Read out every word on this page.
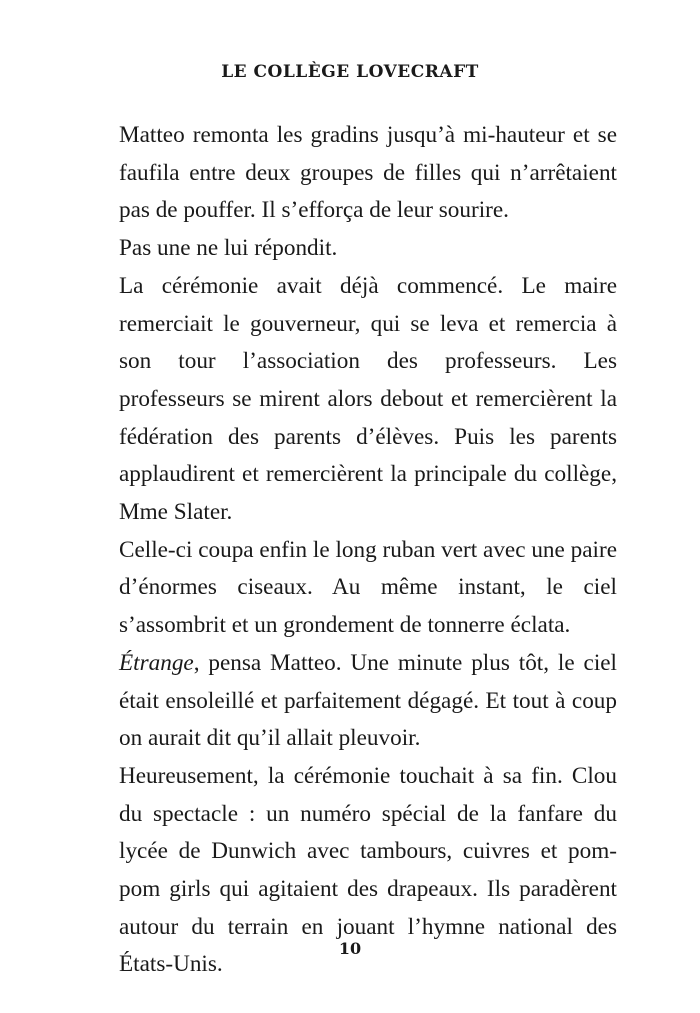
LE COLLÈGE LOVECRAFT

Matteo remonta les gradins jusqu’à mi-hauteur et se faufila entre deux groupes de filles qui n’arrêtaient pas de pouffer. Il s’efforça de leur sourire.

Pas une ne lui répondit.

La cérémonie avait déjà commencé. Le maire remerciait le gouverneur, qui se leva et remercia à son tour l’association des professeurs. Les professeurs se mirent alors debout et remercièrent la fédération des parents d’élèves. Puis les parents applaudirent et remercièrent la principale du collège, Mme Slater.

Celle-ci coupa enfin le long ruban vert avec une paire d’énormes ciseaux. Au même instant, le ciel s’assombrit et un grondement de tonnerre éclata.

Étrange, pensa Matteo. Une minute plus tôt, le ciel était ensoleillé et parfaitement dégagé. Et tout à coup on aurait dit qu’il allait pleuvoir.

Heureusement, la cérémonie touchait à sa fin. Clou du spectacle : un numéro spécial de la fanfare du lycée de Dunwich avec tambours, cuivres et pom-pom girls qui agitaient des drapeaux. Ils paradèrent autour du terrain en jouant l’hymne national des États-Unis.

10
